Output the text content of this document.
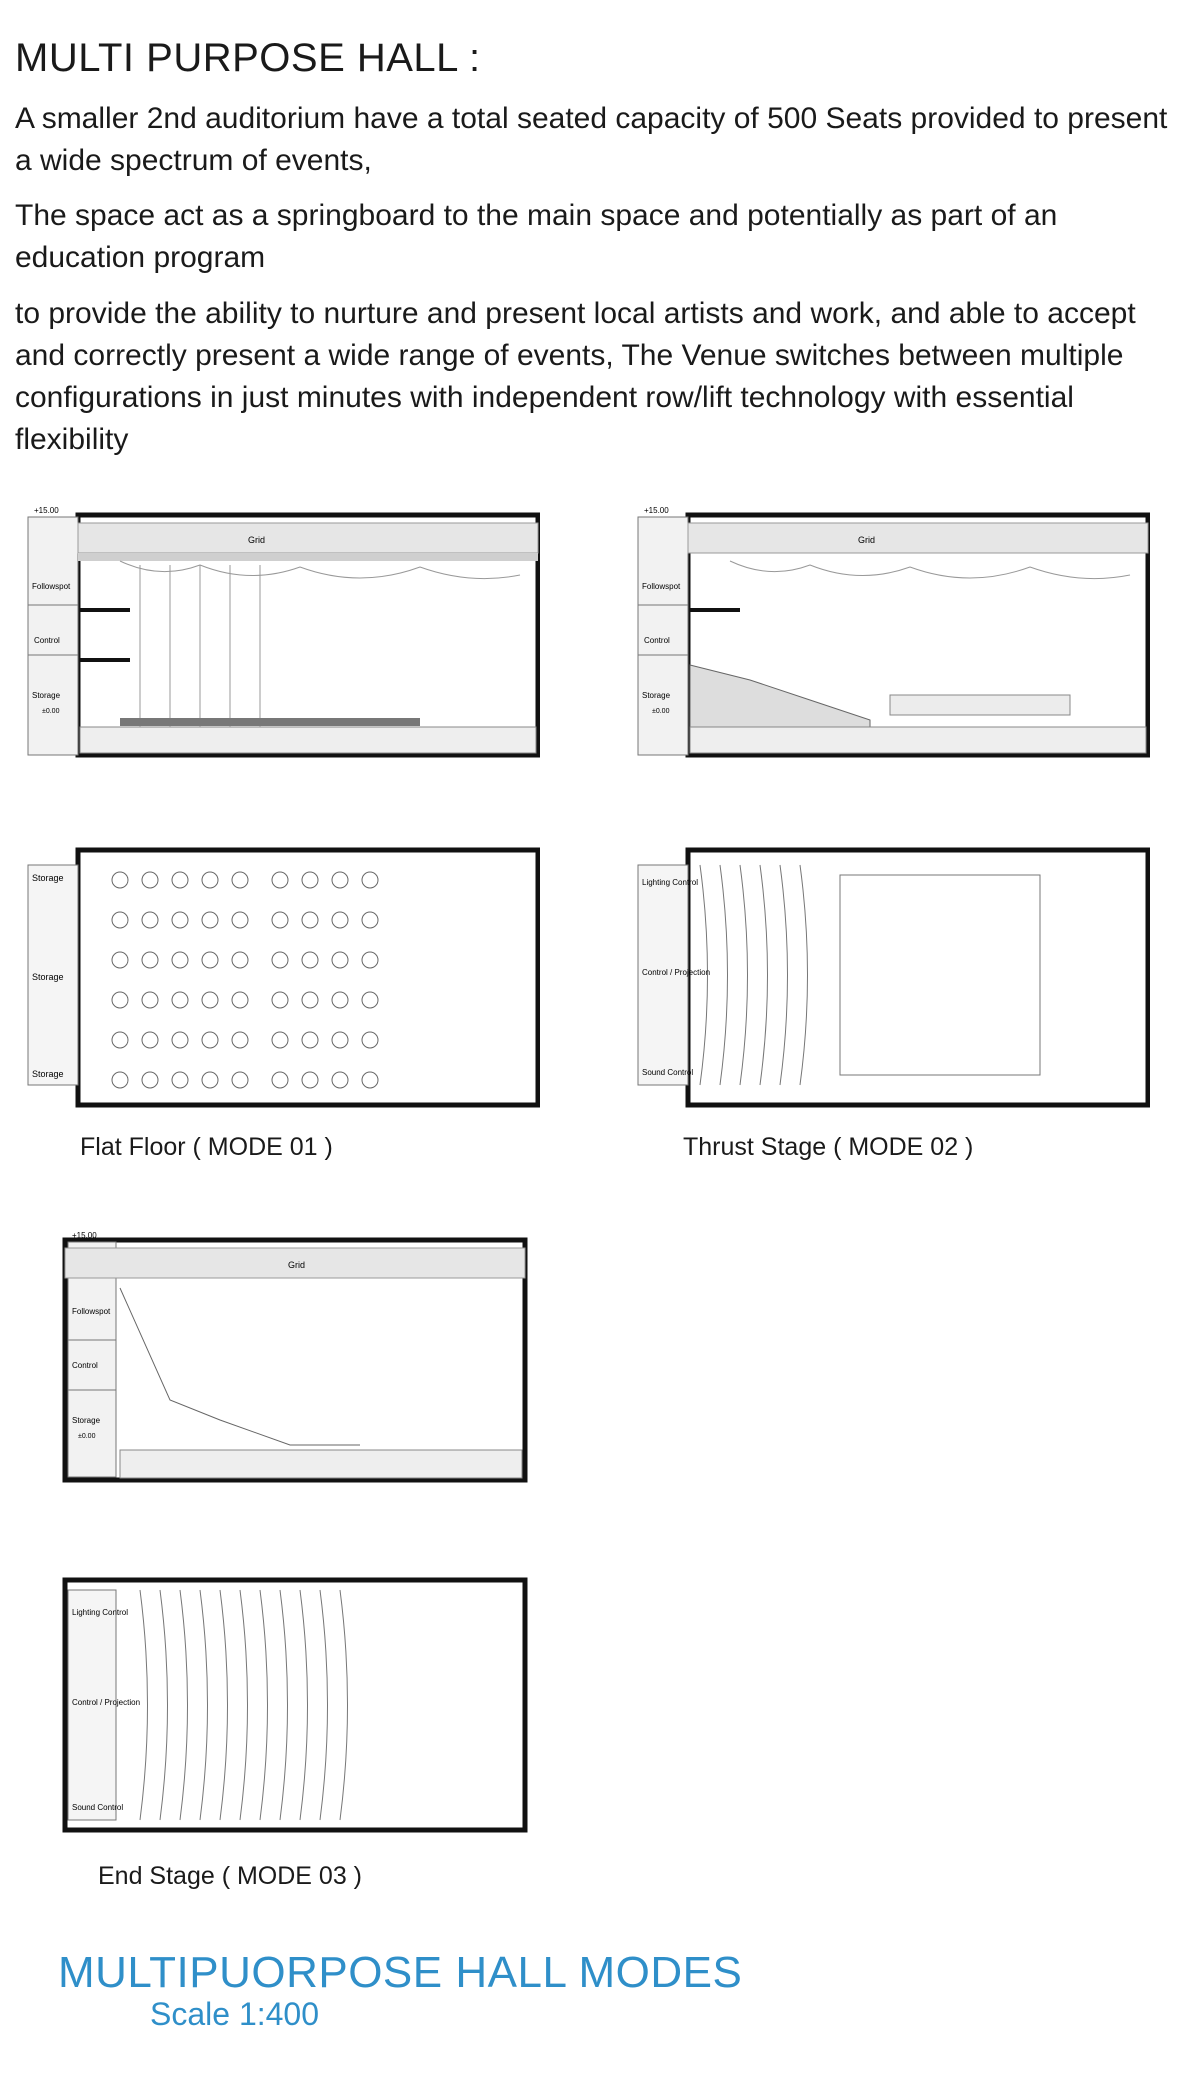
MULTI PURPOSE HALL :

A smaller 2nd auditorium have a total seated capacity of 500 Seats provided to present a wide spectrum of events,

The space act as a springboard to the main space and potentially as part of an education program

to provide the ability to nurture and present local artists and work, and able to accept and correctly present a wide range of events, The Venue switches between multiple configurations in just minutes with independent row/lift technology with essential flexibility

Grid
+15.00
Followspot
Control
Storage
±0.00
Grid
+15.00
Followspot
Control
Storage
±0.00
Storage
Storage
Storage
Lighting Control
Control / Projection
Sound Control
Flat Floor ( MODE 01 )	Thrust Stage ( MODE 02 )
Grid
+15.00
Followspot
Control
Storage
±0.00
Lighting Control
Control / Projection
Sound Control
End Stage ( MODE 03 )
MULTIPUORPOSE HALL MODES
Scale 1:400
